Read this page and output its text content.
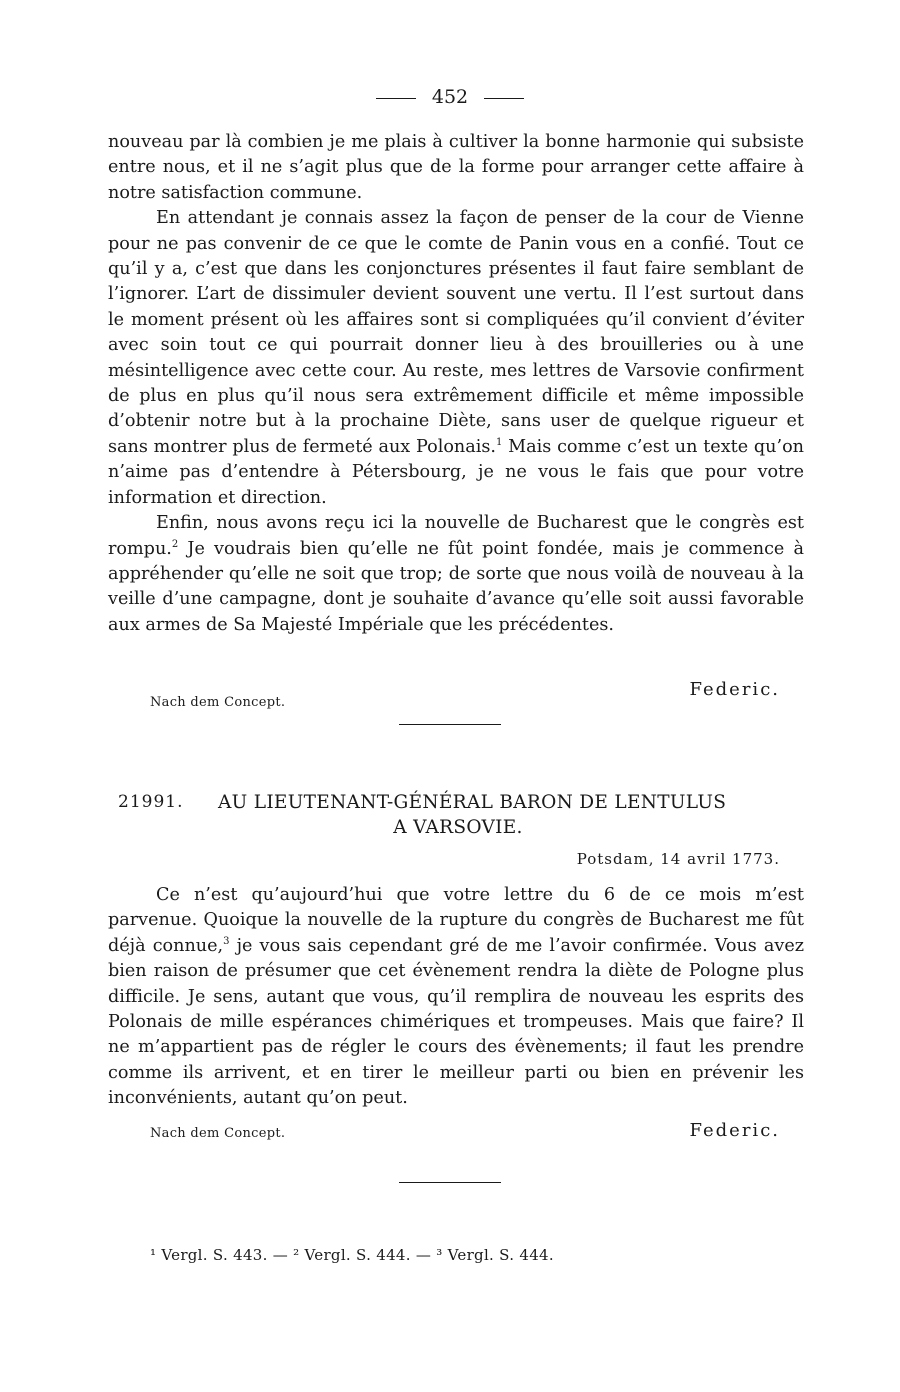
452

nouveau par là combien je me plais à cultiver la bonne harmonie qui subsiste entre nous, et il ne s’agit plus que de la forme pour arranger cette affaire à notre satisfaction commune.

En attendant je connais assez la façon de penser de la cour de Vienne pour ne pas convenir de ce que le comte de Panin vous en a confié. Tout ce qu’il y a, c’est que dans les conjonctures présentes il faut faire semblant de l’ignorer. L’art de dissimuler devient souvent une vertu. Il l’est surtout dans le moment présent où les affaires sont si compliquées qu’il convient d’éviter avec soin tout ce qui pourrait donner lieu à des brouilleries ou à une mésintelligence avec cette cour. Au reste, mes lettres de Varsovie confirment de plus en plus qu’il nous sera extrêmement difficile et même impossible d’obtenir notre but à la prochaine Diète, sans user de quelque rigueur et sans montrer plus de fermeté aux Polonais.$^1$ Mais comme c’est un texte qu’on n’aime pas d’entendre à Pétersbourg, je ne vous le fais que pour votre information et direction.

Enfin, nous avons reçu ici la nouvelle de Bucharest que le congrès est rompu.$^2$ Je voudrais bien qu’elle ne fût point fondée, mais je commence à appréhender qu’elle ne soit que trop; de sorte que nous voilà de nouveau à la veille d’une campagne, dont je souhaite d’avance qu’elle soit aussi favorable aux armes de Sa Majesté Impériale que les précédentes.

Nach dem Concept.
Federic.
21991.	AU LIEUTENANT-GÉNÉRAL BARON DE LENTULUS
A VARSOVIE.
Potsdam, 14 avril 1773.

Ce n’est qu’aujourd’hui que votre lettre du 6 de ce mois m’est parvenue. Quoique la nouvelle de la rupture du congrès de Bucharest me fût déjà connue,$^3$ je vous sais cependant gré de me l’avoir confirmée. Vous avez bien raison de présumer que cet évènement rendra la diète de Pologne plus difficile. Je sens, autant que vous, qu’il remplira de nouveau les esprits des Polonais de mille espérances chimériques et trompeuses. Mais que faire? Il ne m’appartient pas de régler le cours des évènements; il faut les prendre comme ils arrivent, et en tirer le meilleur parti ou bien en prévenir les inconvénients, autant qu’on peut.

Nach dem Concept.	Federic.
¹ Vergl. S. 443. — ² Vergl. S. 444. — ³ Vergl. S. 444.
